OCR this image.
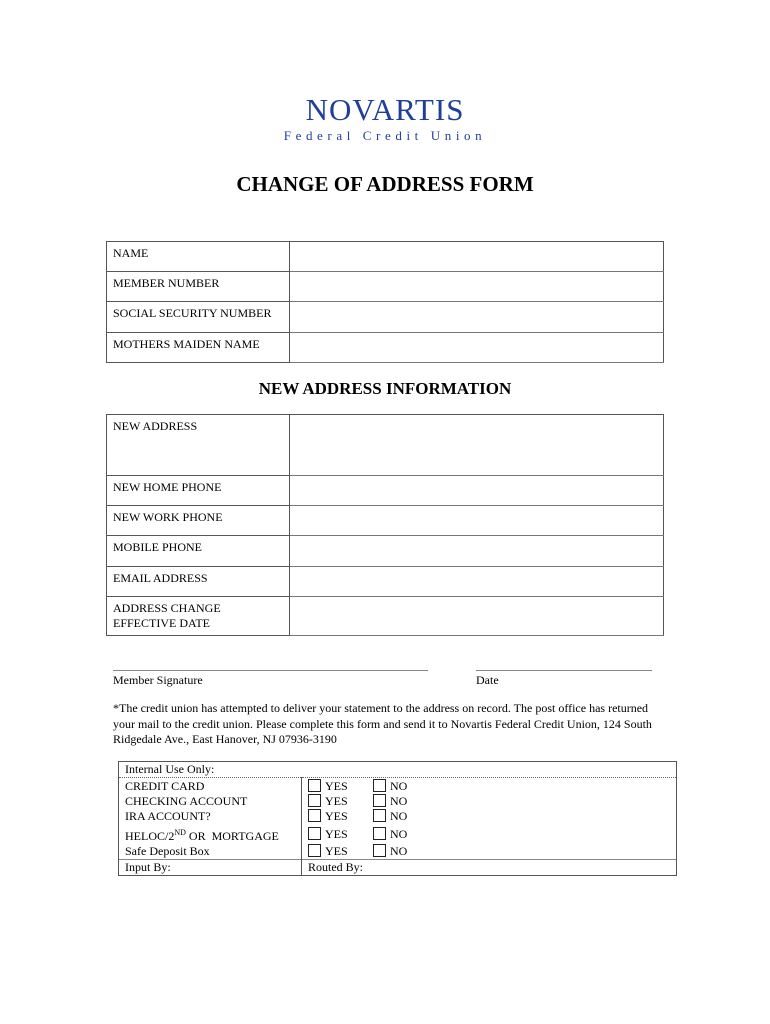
NOVARTIS
Federal Credit Union
CHANGE OF ADDRESS FORM
NAME	

MEMBER NUMBER	

SOCIAL SECURITY NUMBER	

MOTHERS MAIDEN NAME	

NEW ADDRESS INFORMATION
NEW ADDRESS	

NEW HOME PHONE	

NEW WORK PHONE	

MOBILE PHONE	

EMAIL ADDRESS	

ADDRESS CHANGE
EFFECTIVE DATE	

Member Signature	Date
*The credit union has attempted to deliver your statement to the address on record. The post office has returned your mail to the credit union. Please complete this form and send it to Novartis Federal Credit Union, 124 South Ridgedale Ave., East Hanover, NJ 07936-3190
Internal Use Only:	
CREDIT CARD	YES NO
CHECKING ACCOUNT	YES NO
IRA ACCOUNT?	YES NO
HELOC/2ND OR  MORTGAGE	YES NO
Safe Deposit Box	YES NO
Input By:	Routed By:
